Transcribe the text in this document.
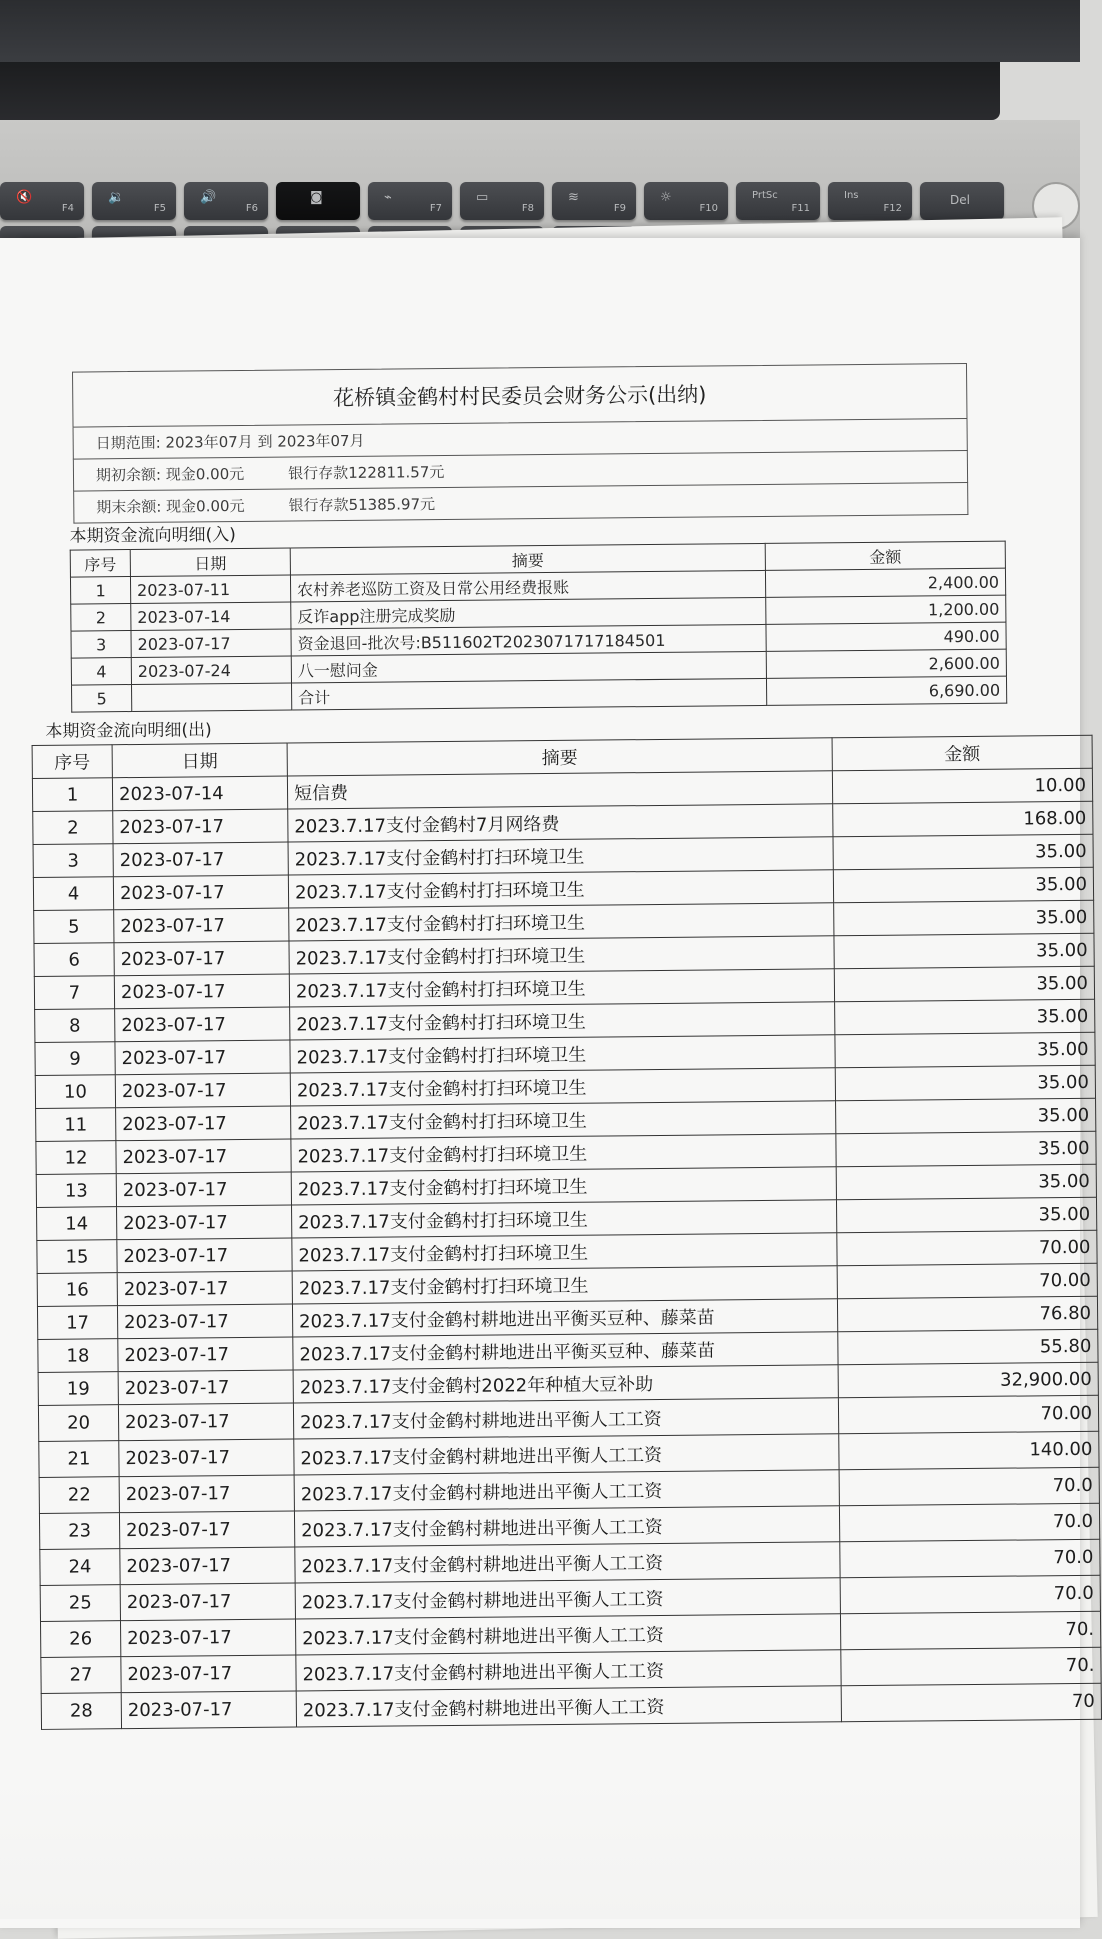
🔇
F4
🔉
F5
🔊
F6
◙	⌁
F7
▭
F8
≋
F9
☼
F10
PrtSc
F11
Ins
F12
Del
花桥镇金鹤村村民委员会财务公示(出纳)
日期范围: 2023年07月 到 2023年07月
期初余额: 现金0.00元	银行存款122811.57元
期末余额: 现金0.00元	银行存款51385.97元
本期资金流向明细(入)
序号	日期	摘要	金额
1	2023-07-11	农村养老巡防工资及日常公用经费报账	2,400.00
2	2023-07-14	反诈app注册完成奖励	1,200.00
3	2023-07-17	资金退回-批次号:B511602T2023071717184501	490.00
4	2023-07-24	八一慰问金	2,600.00
5		合计	6,690.00
本期资金流向明细(出)
序号	日期	摘要	金额
1	2023-07-14	短信费	10.00
2	2023-07-17	2023.7.17支付金鹤村7月网络费	168.00
3	2023-07-17	2023.7.17支付金鹤村打扫环境卫生	35.00
4	2023-07-17	2023.7.17支付金鹤村打扫环境卫生	35.00
5	2023-07-17	2023.7.17支付金鹤村打扫环境卫生	35.00
6	2023-07-17	2023.7.17支付金鹤村打扫环境卫生	35.00
7	2023-07-17	2023.7.17支付金鹤村打扫环境卫生	35.00
8	2023-07-17	2023.7.17支付金鹤村打扫环境卫生	35.00
9	2023-07-17	2023.7.17支付金鹤村打扫环境卫生	35.00
10	2023-07-17	2023.7.17支付金鹤村打扫环境卫生	35.00
11	2023-07-17	2023.7.17支付金鹤村打扫环境卫生	35.00
12	2023-07-17	2023.7.17支付金鹤村打扫环境卫生	35.00
13	2023-07-17	2023.7.17支付金鹤村打扫环境卫生	35.00
14	2023-07-17	2023.7.17支付金鹤村打扫环境卫生	35.00
15	2023-07-17	2023.7.17支付金鹤村打扫环境卫生	70.00
16	2023-07-17	2023.7.17支付金鹤村打扫环境卫生	70.00
17	2023-07-17	2023.7.17支付金鹤村耕地进出平衡买豆种、藤菜苗	76.80
18	2023-07-17	2023.7.17支付金鹤村耕地进出平衡买豆种、藤菜苗	55.80
19	2023-07-17	2023.7.17支付金鹤村2022年种植大豆补助	32,900.00
20	2023-07-17	2023.7.17支付金鹤村耕地进出平衡人工工资	70.00
21	2023-07-17	2023.7.17支付金鹤村耕地进出平衡人工工资	140.00
22	2023-07-17	2023.7.17支付金鹤村耕地进出平衡人工工资	70.0
23	2023-07-17	2023.7.17支付金鹤村耕地进出平衡人工工资	70.0
24	2023-07-17	2023.7.17支付金鹤村耕地进出平衡人工工资	70.0
25	2023-07-17	2023.7.17支付金鹤村耕地进出平衡人工工资	70.0
26	2023-07-17	2023.7.17支付金鹤村耕地进出平衡人工工资	70.
27	2023-07-17	2023.7.17支付金鹤村耕地进出平衡人工工资	70.
28	2023-07-17	2023.7.17支付金鹤村耕地进出平衡人工工资	70
